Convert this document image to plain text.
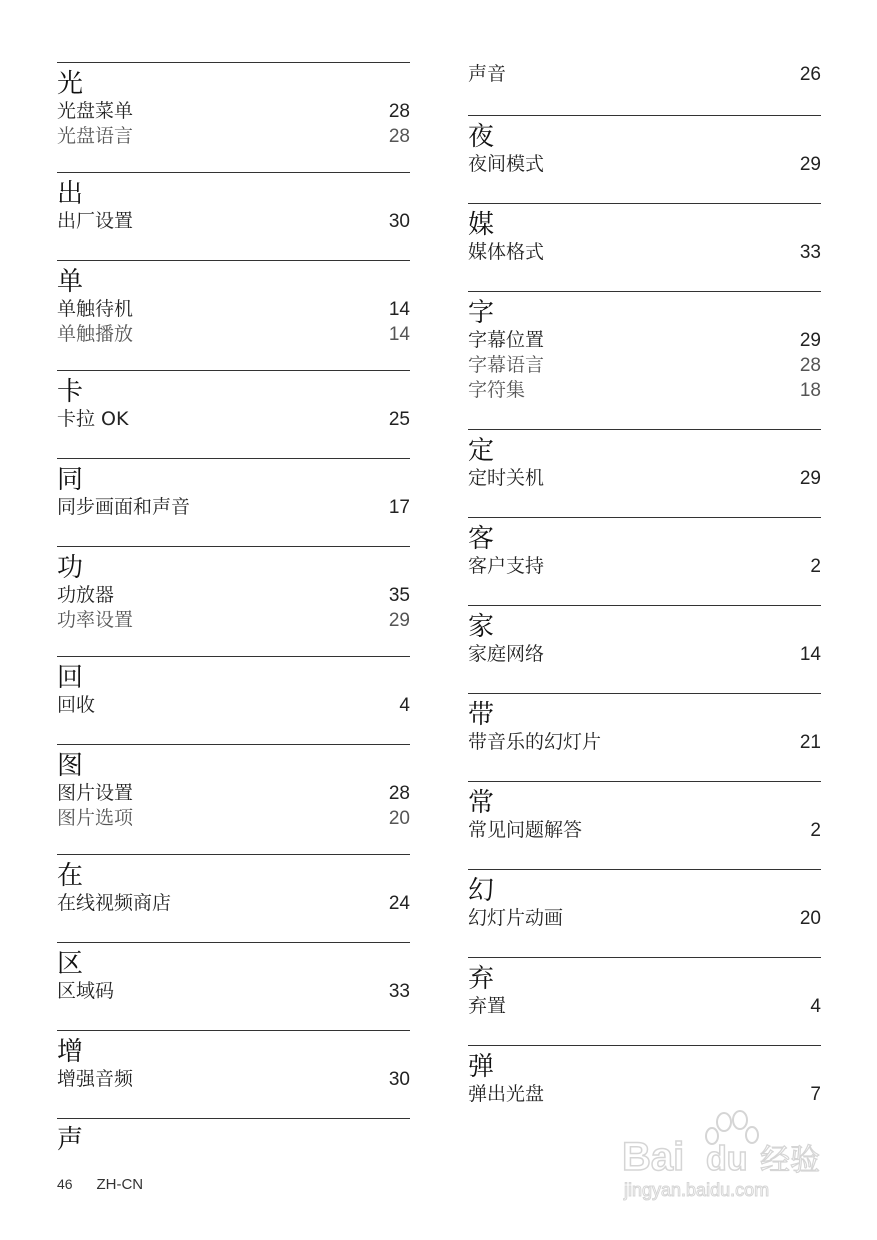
光
光盘菜单	28
光盘语言	28
出
出厂设置	30
单
单触待机	14
单触播放	14
卡
卡拉 OK	25
同
同步画面和声音	17
功
功放器	35
功率设置	29
回
回收	4
图
图片设置	28
图片选项	20
在
在线视频商店	24
区
区域码	33
增
增强音频	30
声
声音	26
夜
夜间模式	29
媒
媒体格式	33
字
字幕位置	29
字幕语言	28
字符集	18
定
定时关机	29
客
客户支持	2
家
家庭网络	14
带
带音乐的幻灯片	21
常
常见问题解答	2
幻
幻灯片动画	20
弃
弃置	4
弹
弹出光盘	7
46 ZH-CN
Bai du 经验
jingyan.baidu.com
